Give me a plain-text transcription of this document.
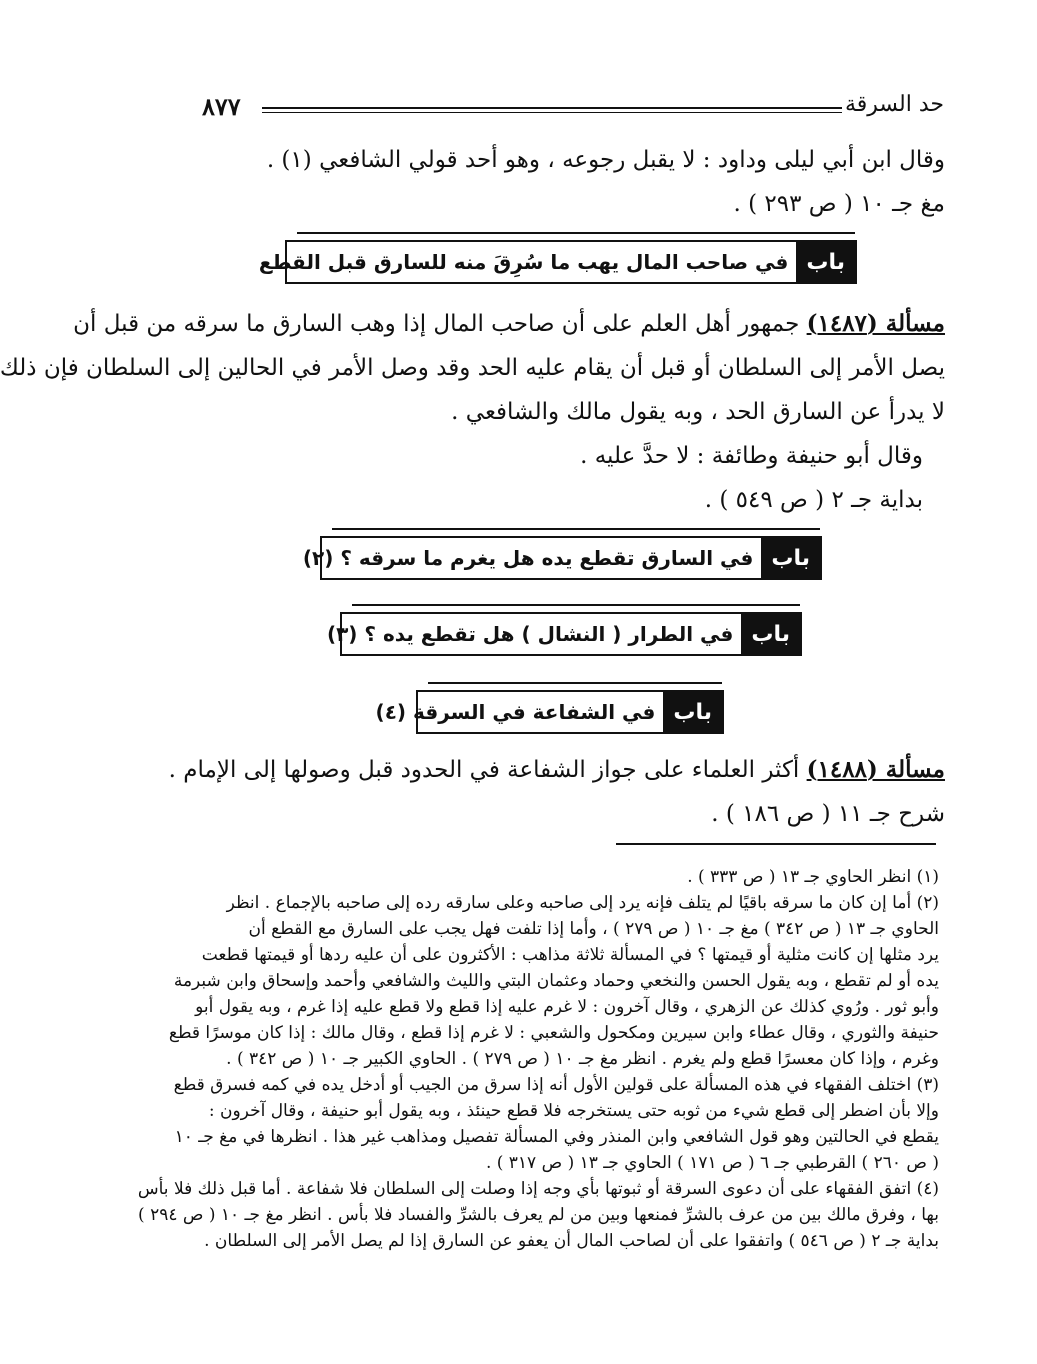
حد السرقة
٨٧٧
وقال ابن أبي ليلى وداود : لا يقبل رجوعه ، وهو أحد قولي الشافعي (١) .
مغ جـ ١٠ ( ص ٢٩٣ ) .
باب
في صاحب المال يهب ما سُرِقَ منه للسارق قبل القطع
مسألة (١٤٨٧) جمهور أهل العلم على أن صاحب المال إذا وهب السارق ما سرقه من قبل أن
يصل الأمر إلى السلطان أو قبل أن يقام عليه الحد وقد وصل الأمر في الحالين إلى السلطان فإن ذلك
لا يدرأ عن السارق الحد ، وبه يقول مالك والشافعي .
وقال أبو حنيفة وطائفة : لا حدَّ عليه .
بداية جـ ٢ ( ص ٥٤٩ ) .
باب
في السارق تقطع يده هل يغرم ما سرقه ؟ (٢)
باب
في الطرار ( النشال ) هل تقطع يده ؟ (٣)
باب
في الشفاعة في السرقة (٤)
مسألة (١٤٨٨) أكثر العلماء على جواز الشفاعة في الحدود قبل وصولها إلى الإمام .
شرح جـ ١١ ( ص ١٨٦ ) .
(١) انظر الحاوي جـ ١٣ ( ص ٣٣٣ ) .
(٢) أما إن كان ما سرقه باقيًا لم يتلف فإنه يرد إلى صاحبه وعلى سارقه رده إلى صاحبه بالإجماع . انظر
الحاوي جـ ١٣ ( ص ٣٤٢ ) مغ جـ ١٠ ( ص ٢٧٩ ) ، وأما إذا تلفت فهل يجب على السارق مع القطع أن
يرد مثلها إن كانت مثلية أو قيمتها ؟ في المسألة ثلاثة مذاهب : الأكثرون على أن عليه ردها أو قيمتها قطعت
يده أو لم تقطع ، وبه يقول الحسن والنخعي وحماد وعثمان البتي والليث والشافعي وأحمد وإسحاق وابن شبرمة
وأبو ثور . ورُوي كذلك عن الزهري ، وقال آخرون : لا غرم عليه إذا قطع ولا قطع عليه إذا غرم ، وبه يقول أبو
حنيفة والثوري ، وقال عطاء وابن سيرين ومكحول والشعبي : لا غرم إذا قطع ، وقال مالك : إذا كان موسرًا قطع
وغرم ، وإذا كان معسرًا قطع ولم يغرم . انظر مغ جـ ١٠ ( ص ٢٧٩ ) . الحاوي الكبير جـ ١٠ ( ص ٣٤٢ ) .
(٣) اختلف الفقهاء في هذه المسألة على قولين الأول أنه إذا سرق من الجيب أو أدخل يده في كمه فسرق قطع
وإلا بأن اضطر إلى قطع شيء من ثوبه حتى يستخرجه فلا قطع حينئذ ، وبه يقول أبو حنيفة ، وقال آخرون :
يقطع في الحالتين وهو قول الشافعي وابن المنذر وفي المسألة تفصيل ومذاهب غير هذا . انظرها في مغ جـ ١٠
( ص ٢٦٠ ) القرطبي جـ ٦ ( ص ١٧١ ) الحاوي جـ ١٣ ( ص ٣١٧ ) .
(٤) اتفق الفقهاء على أن دعوى السرقة أو ثبوتها بأي وجه إذا وصلت إلى السلطان فلا شفاعة . أما قبل ذلك فلا بأس
بها ، وفرق مالك بين من عرف بالشرِّ فمنعها وبين من لم يعرف بالشرِّ والفساد فلا بأس . انظر مغ جـ ١٠ ( ص ٢٩٤ )
بداية جـ ٢ ( ص ٥٤٦ ) واتفقوا على أن لصاحب المال أن يعفو عن السارق إذا لم يصل الأمر إلى السلطان .
